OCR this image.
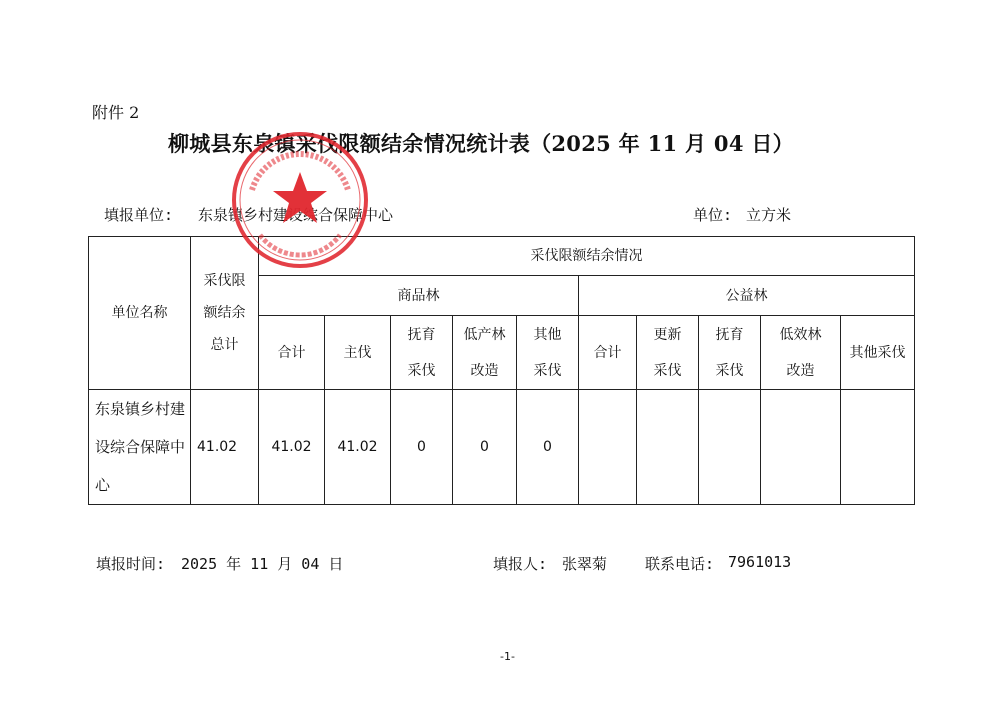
附件 2
柳城县东泉镇采伐限额结余情况统计表（2025 年 11 月 04 日）
填报单位: 东泉镇乡村建设综合保障中心	单位: 立方米
单位名称	采伐限额结余总计	采伐限额结余情况									
		商品林					公益林				
		合计	主伐	抚育采伐	低产林改造	其他采伐	合计	更新采伐	抚育采伐	低效林改造	其他采伐
东泉镇乡村建设综合保障中心	41.02	41.02	41.02	0	0	0					
填报时间: 2025 年 11 月 04 日	填报人: 张翠菊	联系电话: 7961013
-1-
